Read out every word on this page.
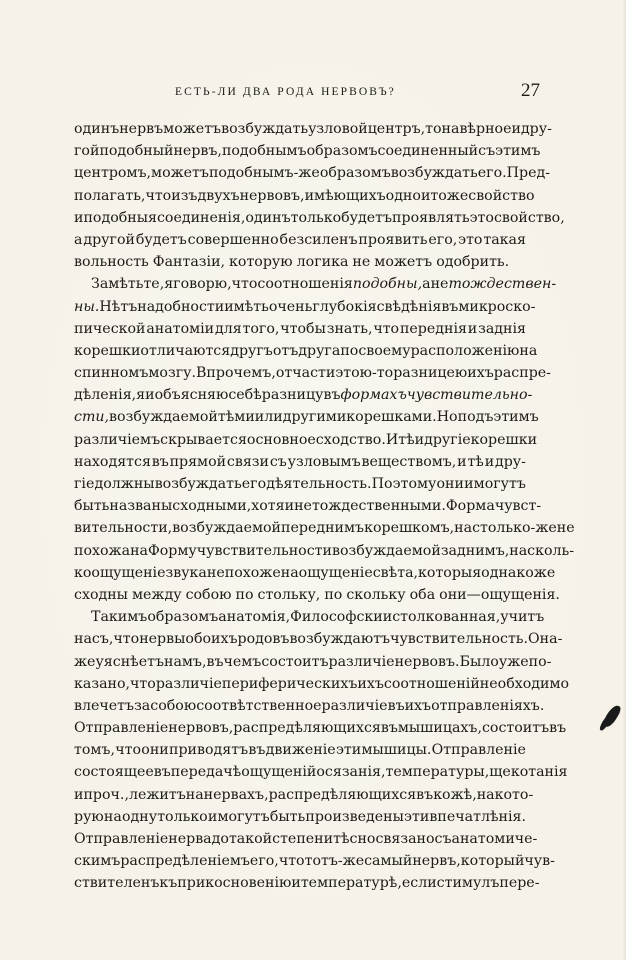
ЕСТЬ-ЛИ ДВА РОДА НЕРВОВЪ?	27
одинъ нервъ можетъ возбуждать узловой центръ, то навѣрное и дру-
гой подобный нервъ, подобнымъ образомъ соединенный съ этимъ
центромъ, можетъ подобнымъ-же образомъ возбуждать его. Пред-
полагать, что изъ двухъ нервовъ, имѣющихъ одно и то же свойство
и подобныя соединенія, одинъ только будетъ проявлять это свойство,
а другой будетъ совершенно безсиленъ проявить его, это такая
вольность Фантазіи, которую логика не можетъ одобрить.
Замѣтьте, я говорю, что соотношенія подобны, а не тождествен-
ны. Нѣтъ надобности имѣть очень глубокія свѣдѣнія въ микроско-
пической анатоміи для того, чтобы знать, что переднія и заднія
корешки отличаются другъ отъ друга по своему расположенію на
спинномъ мозгу. Впрочемъ, отчасти этою-то разницею ихъ распре-
дѣленія, я и объясняю себѣ разницу въ формахъ чувствительно-
сти, возбуждаемой тѣми или другими корешками. Но подъ этимъ
различіемъ скрывается основное сходство. И тѣ и другіе корешки
находятся въ прямой связи съ узловымъ веществомъ, и тѣ и дру-
гіе должны возбуждать его дѣятельность. По этому они и могутъ
быть названы сходными, хотя и не тождественными. Форма чувст-
вительности, возбуждаемой переднимъ корешкомъ, на столько-же не
похожа на Форму чувствительности возбуждаемой заднимъ, на сколь-
ко ощущеніе звука не похоже на ощущеніе свѣта, которыя однакоже
сходны между собою по стольку, по скольку оба они—ощущенія.
Такимъ образомъ анатомія, Философски истолкованная, учитъ
насъ, что нервы обоихъ родовъ возбуждаютъ чувствительность. Она-
же уяснѣетъ намъ, въ чемъ состоитъ различіе нервовъ. Было уже по-
казано, что различіе периферическихъ ихъ соотношеній необходимо
влечетъ за собою соотвѣтственное различіе въ ихъ отправленіяхъ.
Отправленіе нервовъ, распредѣляющихся въ мышицахъ, состоитъ въ
томъ, что они приводятъ въ движеніе эти мышицы. Отправленіе
состоящее въ передачѣ ощущеній осязанія, температуры, щекотанія
и проч., лежитъ на нервахъ, распредѣляющихся въ кожѣ, на кото-
рую на одну только и могутъ быть произведены эти впечатлѣнія.
Отправленіе нерва до такой степени тѣсно связано съ анатомиче-
скимъ распредѣленіемъ его, что тотъ-же самый нервъ, который чув-
ствителенъ къ прикосновенію и температурѣ, если стимулъ пере-
